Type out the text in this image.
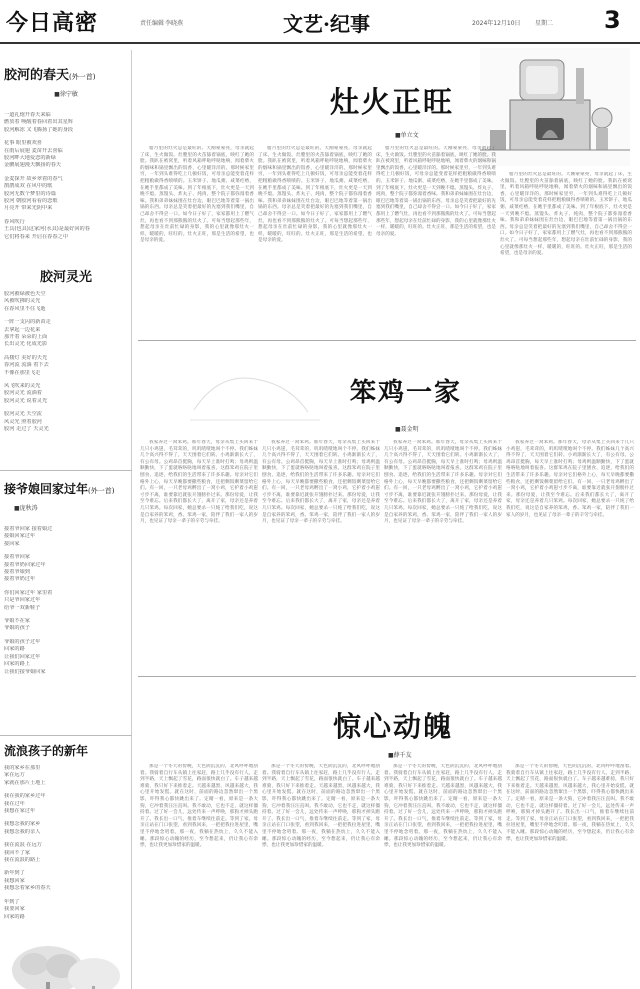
今日高密	责任编辑 李晓燕	文艺·纪事	2024年12月10日 星期二 3
胶河的春天(外一首)
■徐宁敏
一道礼炮开春天来临
燃放着 唤醒着春回着出其星辉
胶河解冻 又飞腾扬了她的身段
花事 眼里被欢喜
在雨后展翅 麦苗开去喜临
胶河畔大地爱恋的新绿
金鹏展翅漫天飘扬的春天
金麦探开 故乡翠着的春气
鹊鹊成双 在风中的歌
胶河无数个梦里的诗篇
胶河 朝胶河看看的恋歌
月亮开 带来光阴中来
春风吹行
王具(也具)这家河(水具)是最好回的春
它们将春来 开启在春春之中
胶河灵光
胶河被绿被色天空
风被吹拂的灵光
在春风里不住飞逝
一阵一支闪的新苗走
去拿起一边花来
那开着 朵朵的上面
长出灵光 化成光影
高楼灯 美好的天光
春河流 流淌 着下去
不像在那里飞走
风飞吹来的灵光
胶河灵光 流淌着
胶河灵光 说着灵光
胶河灵光 天空流
风灵光 照着胶河
胶河 走过了 天灵光
接爷娘回家过年(外一首)
■庞秋涛
接着爷回家 接着娘过
接娘回家过年
接回家
接着爷回家
接着爷奶回家过年
接着爷娘到
接着爷奶过年
你们回家过年 家里着
只是爷回家过年
给爷一双新鞋子
爷娘不在家
爷娘的孩子
爷娘的孩子过年
回家的路
让我们回家过年
回家的路上
让我们接爷娘回家
流浪孩子的新年
我的家乡在那里
家在远方
家就在那片土地上
我在我的家乡过年
我在过年
我想在家过年
我想念我的家乡
我想念我的亲人
我在流浪 在远方
我回不了家
我在流浪的路上
新年到了
我想回家
我想念着家乡的春天
年到了
我要回家
回家的路
灶火正旺
■单立文

腊月里的灶火总是最旺的。天刚蒙蒙亮，母亲就起了床，生火做饭。灶膛里的火苗舔着锅底，映红了她的脸。我趴在被窝里，听着风箱呼哒呼哒地响，闻着柴火的烟味和锅里飘出的饭香，心里暖洋洋的。那时候家里穷，一年到头难得吃上几顿好饭，可母亲总能变着花样把粗粮做得香喷喷的。玉米饼子、地瓜粥、咸菜疙瘩，在她手里都成了美味。到了年根底下，灶火更是一天到晚不熄。蒸馒头、炸丸子、炖肉，整个院子都弥漫着香味。我和弟弟妹妹围在灶台边，眼巴巴地等着第一锅出锅的东西。母亲总是笑着把最好的先塞到我们嘴里，自己却舍不得尝一口。如今日子好了，家家都用上了燃气灶，再也看不到那熊熊的灶火了。可每当想起那些年，想起母亲在灶前忙碌的身影，我的心里就像那灶火一样，暖暖的，旺旺的。灶火正旺，那是生活的希望，也是母亲的爱。

腊月里的灶火总是最旺的。天刚蒙蒙亮，母亲就起了床，生火做饭。灶膛里的火苗舔着锅底，映红了她的脸。我趴在被窝里，听着风箱呼哒呼哒地响，闻着柴火的烟味和锅里飘出的饭香，心里暖洋洋的。那时候家里穷，一年到头难得吃上几顿好饭，可母亲总能变着花样把粗粮做得香喷喷的。玉米饼子、地瓜粥、咸菜疙瘩，在她手里都成了美味。到了年根底下，灶火更是一天到晚不熄。蒸馒头、炸丸子、炖肉，整个院子都弥漫着香味。我和弟弟妹妹围在灶台边，眼巴巴地等着第一锅出锅的东西。母亲总是笑着把最好的先塞到我们嘴里，自己却舍不得尝一口。如今日子好了，家家都用上了燃气灶，再也看不到那熊熊的灶火了。可每当想起那些年，想起母亲在灶前忙碌的身影，我的心里就像那灶火一样，暖暖的，旺旺的。灶火正旺，那是生活的希望，也是母亲的爱。

腊月里的灶火总是最旺的。天刚蒙蒙亮，母亲就起了床，生火做饭。灶膛里的火苗舔着锅底，映红了她的脸。我趴在被窝里，听着风箱呼哒呼哒地响，闻着柴火的烟味和锅里飘出的饭香，心里暖洋洋的。那时候家里穷，一年到头难得吃上几顿好饭，可母亲总能变着花样把粗粮做得香喷喷的。玉米饼子、地瓜粥、咸菜疙瘩，在她手里都成了美味。到了年根底下，灶火更是一天到晚不熄。蒸馒头、炸丸子、炖肉，整个院子都弥漫着香味。我和弟弟妹妹围在灶台边，眼巴巴地等着第一锅出锅的东西。母亲总是笑着把最好的先塞到我们嘴里，自己却舍不得尝一口。如今日子好了，家家都用上了燃气灶，再也看不到那熊熊的灶火了。可每当想起那些年，想起母亲在灶前忙碌的身影，我的心里就像那灶火一样，暖暖的，旺旺的。灶火正旺，那是生活的希望，也是母亲的爱。

腊月里的灶火总是最旺的。天刚蒙蒙亮，母亲就起了床，生火做饭。灶膛里的火苗舔着锅底，映红了她的脸。我趴在被窝里，听着风箱呼哒呼哒地响，闻着柴火的烟味和锅里飘出的饭香，心里暖洋洋的。那时候家里穷，一年到头难得吃上几顿好饭，可母亲总能变着花样把粗粮做得香喷喷的。玉米饼子、地瓜粥、咸菜疙瘩，在她手里都成了美味。到了年根底下，灶火更是一天到晚不熄。蒸馒头、炸丸子、炖肉，整个院子都弥漫着香味。我和弟弟妹妹围在灶台边，眼巴巴地等着第一锅出锅的东西。母亲总是笑着把最好的先塞到我们嘴里，自己却舍不得尝一口。如今日子好了，家家都用上了燃气灶，再也看不到那熊熊的灶火了。可每当想起那些年，想起母亲在灶前忙碌的身影，我的心里就像那灶火一样，暖暖的，旺旺的。灶火正旺，那是生活的希望，也是母亲的爱。

笨鸡一家
■聂金明

我家养过一窝笨鸡。那年春天，母亲从集上买回来十几只小鸡崽，毛茸茸的，叽叽喳喳地叫个不停。我们姊妹几个高兴得不得了，天天围着它们转。小鸡渐渐长大了，有公有母。公鸡昂首挺胸，每天早上准时打鸣；母鸡则温顺勤快，下了蛋就咯咯哒地叫着报喜。这群笨鸡在院子里刨食、追逐，给我们的生活带来了许多乐趣。母亲对它们格外上心，每天早晚都要撒些粮食，还把剩饭剩菜留给它们。有一回，一只老母鸡孵出了一窝小鸡，它护着小鸡崽寸步不离，谁要靠近就张开翅膀扑过来。那份母爱，让我至今难忘。后来我们都长大了，离开了家，母亲还是养着几只笨鸡。每次回家，她总要杀一只炖了给我们吃，说这是自家养的笨鸡，香。笨鸡一家，陪伴了我们一家人的岁月，也见证了母亲一辈子的辛劳与牵挂。

我家养过一窝笨鸡。那年春天，母亲从集上买回来十几只小鸡崽，毛茸茸的，叽叽喳喳地叫个不停。我们姊妹几个高兴得不得了，天天围着它们转。小鸡渐渐长大了，有公有母。公鸡昂首挺胸，每天早上准时打鸣；母鸡则温顺勤快，下了蛋就咯咯哒地叫着报喜。这群笨鸡在院子里刨食、追逐，给我们的生活带来了许多乐趣。母亲对它们格外上心，每天早晚都要撒些粮食，还把剩饭剩菜留给它们。有一回，一只老母鸡孵出了一窝小鸡，它护着小鸡崽寸步不离，谁要靠近就张开翅膀扑过来。那份母爱，让我至今难忘。后来我们都长大了，离开了家，母亲还是养着几只笨鸡。每次回家，她总要杀一只炖了给我们吃，说这是自家养的笨鸡，香。笨鸡一家，陪伴了我们一家人的岁月，也见证了母亲一辈子的辛劳与牵挂。

我家养过一窝笨鸡。那年春天，母亲从集上买回来十几只小鸡崽，毛茸茸的，叽叽喳喳地叫个不停。我们姊妹几个高兴得不得了，天天围着它们转。小鸡渐渐长大了，有公有母。公鸡昂首挺胸，每天早上准时打鸣；母鸡则温顺勤快，下了蛋就咯咯哒地叫着报喜。这群笨鸡在院子里刨食、追逐，给我们的生活带来了许多乐趣。母亲对它们格外上心，每天早晚都要撒些粮食，还把剩饭剩菜留给它们。有一回，一只老母鸡孵出了一窝小鸡，它护着小鸡崽寸步不离，谁要靠近就张开翅膀扑过来。那份母爱，让我至今难忘。后来我们都长大了，离开了家，母亲还是养着几只笨鸡。每次回家，她总要杀一只炖了给我们吃，说这是自家养的笨鸡，香。笨鸡一家，陪伴了我们一家人的岁月，也见证了母亲一辈子的辛劳与牵挂。

我家养过一窝笨鸡。那年春天，母亲从集上买回来十几只小鸡崽，毛茸茸的，叽叽喳喳地叫个不停。我们姊妹几个高兴得不得了，天天围着它们转。小鸡渐渐长大了，有公有母。公鸡昂首挺胸，每天早上准时打鸣；母鸡则温顺勤快，下了蛋就咯咯哒地叫着报喜。这群笨鸡在院子里刨食、追逐，给我们的生活带来了许多乐趣。母亲对它们格外上心，每天早晚都要撒些粮食，还把剩饭剩菜留给它们。有一回，一只老母鸡孵出了一窝小鸡，它护着小鸡崽寸步不离，谁要靠近就张开翅膀扑过来。那份母爱，让我至今难忘。后来我们都长大了，离开了家，母亲还是养着几只笨鸡。每次回家，她总要杀一只炖了给我们吃，说这是自家养的笨鸡，香。笨鸡一家，陪伴了我们一家人的岁月，也见证了母亲一辈子的辛劳与牵挂。

惊心动魄
■薛千友

那是一个冬天的傍晚，天色阴沉沉的，北风呼呼地刮着。我骑着自行车从镇上往家赶，路上几乎没有行人。走到半路，天上飘起了雪花，路面很快就白了。车子越来越难骑，我只好下来推着走。天越来越黑，风越来越大，我心里开始发慌。就在这时，前面的路边忽然窜出一个黑影，吓得我心都快跳出来了。定睛一看，原来是一条大狗，它冲着我汪汪直叫。我不敢动，它也不走，就这样僵持着。过了好一会儿，远处传来一声呼唤，那狗才掉头跑开了。我长出一口气，推着车继续往前走。等到了家，母亲正站在门口张望，看到我回来，一把把我拉进屋里，嘴里不停地念叨着。那一夜，我躺在热炕上，久久不能入睡。那段惊心动魄的经历，至今想起来，仍让我心有余悸，也让我更加珍惜家的温暖。

那是一个冬天的傍晚，天色阴沉沉的，北风呼呼地刮着。我骑着自行车从镇上往家赶，路上几乎没有行人。走到半路，天上飘起了雪花，路面很快就白了。车子越来越难骑，我只好下来推着走。天越来越黑，风越来越大，我心里开始发慌。就在这时，前面的路边忽然窜出一个黑影，吓得我心都快跳出来了。定睛一看，原来是一条大狗，它冲着我汪汪直叫。我不敢动，它也不走，就这样僵持着。过了好一会儿，远处传来一声呼唤，那狗才掉头跑开了。我长出一口气，推着车继续往前走。等到了家，母亲正站在门口张望，看到我回来，一把把我拉进屋里，嘴里不停地念叨着。那一夜，我躺在热炕上，久久不能入睡。那段惊心动魄的经历，至今想起来，仍让我心有余悸，也让我更加珍惜家的温暖。

那是一个冬天的傍晚，天色阴沉沉的，北风呼呼地刮着。我骑着自行车从镇上往家赶，路上几乎没有行人。走到半路，天上飘起了雪花，路面很快就白了。车子越来越难骑，我只好下来推着走。天越来越黑，风越来越大，我心里开始发慌。就在这时，前面的路边忽然窜出一个黑影，吓得我心都快跳出来了。定睛一看，原来是一条大狗，它冲着我汪汪直叫。我不敢动，它也不走，就这样僵持着。过了好一会儿，远处传来一声呼唤，那狗才掉头跑开了。我长出一口气，推着车继续往前走。等到了家，母亲正站在门口张望，看到我回来，一把把我拉进屋里，嘴里不停地念叨着。那一夜，我躺在热炕上，久久不能入睡。那段惊心动魄的经历，至今想起来，仍让我心有余悸，也让我更加珍惜家的温暖。

那是一个冬天的傍晚，天色阴沉沉的，北风呼呼地刮着。我骑着自行车从镇上往家赶，路上几乎没有行人。走到半路，天上飘起了雪花，路面很快就白了。车子越来越难骑，我只好下来推着走。天越来越黑，风越来越大，我心里开始发慌。就在这时，前面的路边忽然窜出一个黑影，吓得我心都快跳出来了。定睛一看，原来是一条大狗，它冲着我汪汪直叫。我不敢动，它也不走，就这样僵持着。过了好一会儿，远处传来一声呼唤，那狗才掉头跑开了。我长出一口气，推着车继续往前走。等到了家，母亲正站在门口张望，看到我回来，一把把我拉进屋里，嘴里不停地念叨着。那一夜，我躺在热炕上，久久不能入睡。那段惊心动魄的经历，至今想起来，仍让我心有余悸，也让我更加珍惜家的温暖。
